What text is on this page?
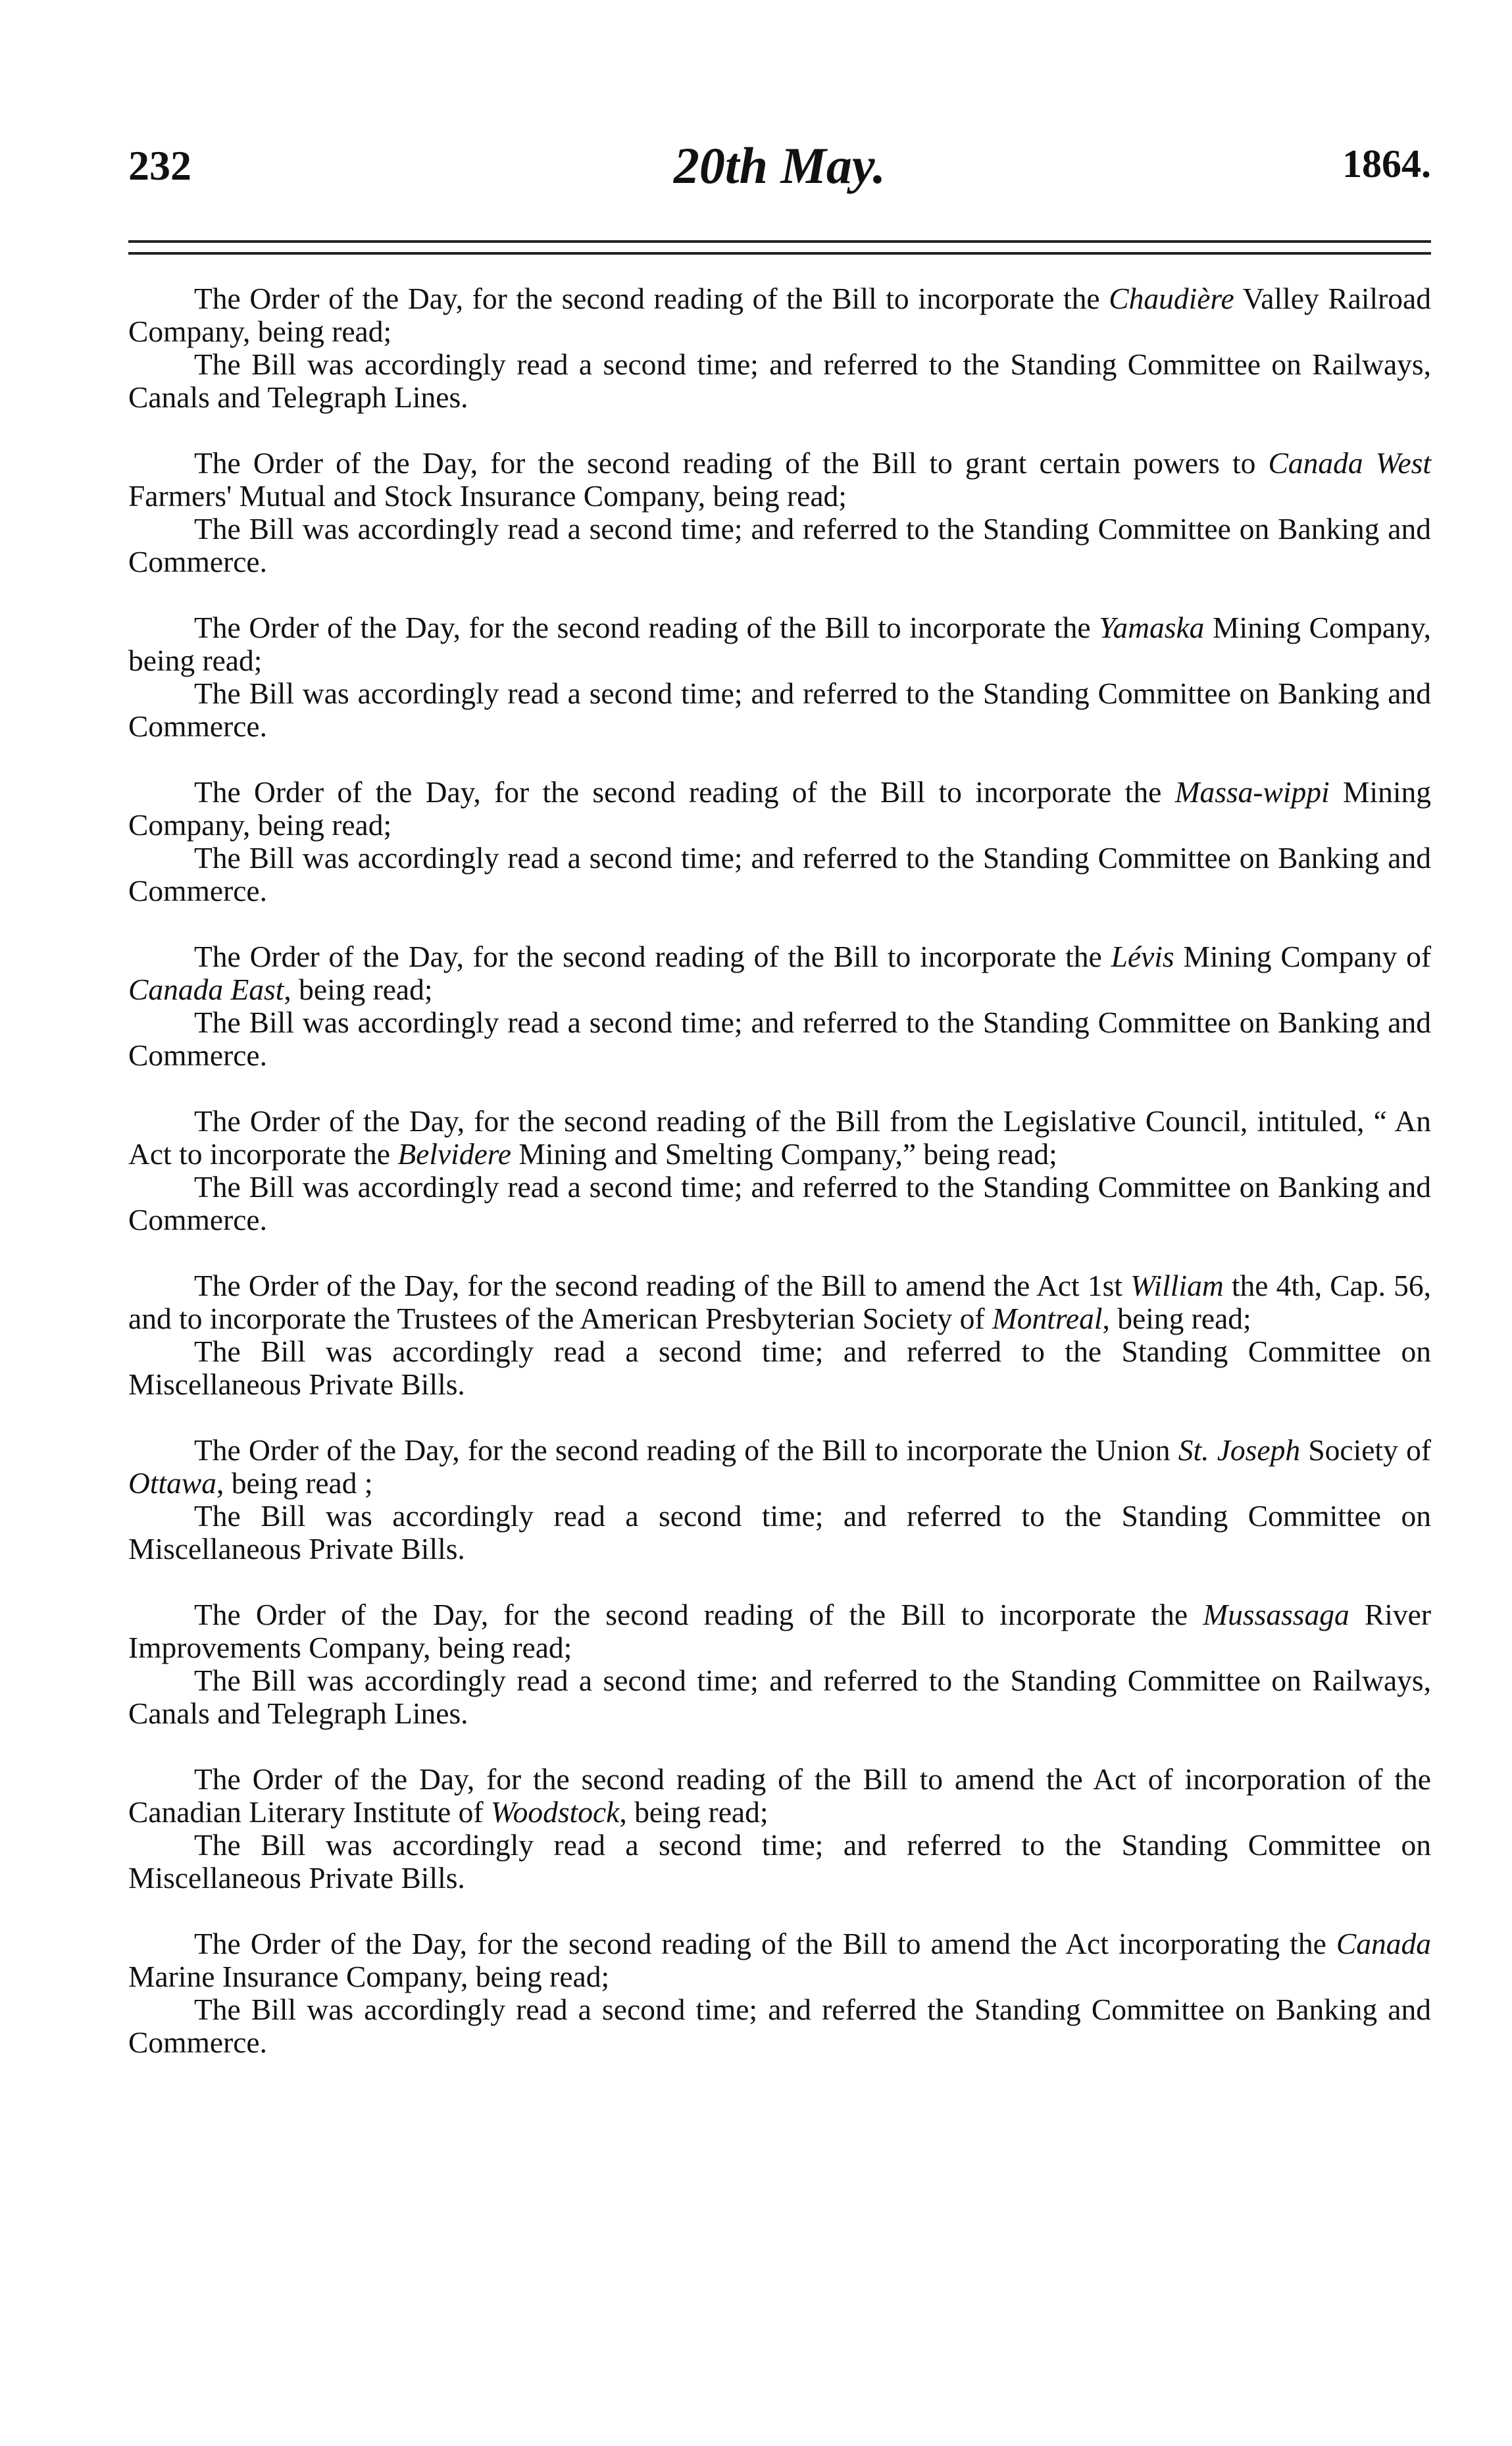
232	20th May.	1864.

The Order of the Day, for the second reading of the Bill to incorporate the Chaudière Valley Railroad Company, being read;

The Bill was accordingly read a second time; and referred to the Standing Committee on Railways, Canals and Telegraph Lines.

The Order of the Day, for the second reading of the Bill to grant certain powers to Canada West Farmers' Mutual and Stock Insurance Company, being read;

The Bill was accordingly read a second time; and referred to the Standing Committee on Banking and Commerce.

The Order of the Day, for the second reading of the Bill to incorporate the Yamaska Mining Company, being read;

The Bill was accordingly read a second time; and referred to the Standing Committee on Banking and Commerce.

The Order of the Day, for the second reading of the Bill to incorporate the Massa-wippi Mining Company, being read;

The Bill was accordingly read a second time; and referred to the Standing Committee on Banking and Commerce.

The Order of the Day, for the second reading of the Bill to incorporate the Lévis Mining Company of Canada East, being read;

The Bill was accordingly read a second time; and referred to the Standing Committee on Banking and Commerce.

The Order of the Day, for the second reading of the Bill from the Legislative Council, intituled, “ An Act to incorporate the Belvidere Mining and Smelting Company,” being read;

The Bill was accordingly read a second time; and referred to the Standing Committee on Banking and Commerce.

The Order of the Day, for the second reading of the Bill to amend the Act 1st William the 4th, Cap. 56, and to incorporate the Trustees of the American Presbyterian Society of Montreal, being read;

The Bill was accordingly read a second time; and referred to the Standing Committee on Miscellaneous Private Bills.

The Order of the Day, for the second reading of the Bill to incorporate the Union St. Joseph Society of Ottawa, being read ;

The Bill was accordingly read a second time; and referred to the Standing Committee on Miscellaneous Private Bills.

The Order of the Day, for the second reading of the Bill to incorporate the Mussassaga River Improvements Company, being read;

The Bill was accordingly read a second time; and referred to the Standing Committee on Railways, Canals and Telegraph Lines.

The Order of the Day, for the second reading of the Bill to amend the Act of incorporation of the Canadian Literary Institute of Woodstock, being read;

The Bill was accordingly read a second time; and referred to the Standing Committee on Miscellaneous Private Bills.

The Order of the Day, for the second reading of the Bill to amend the Act incorporating the Canada Marine Insurance Company, being read;

The Bill was accordingly read a second time; and referred the Standing Committee on Banking and Commerce.
